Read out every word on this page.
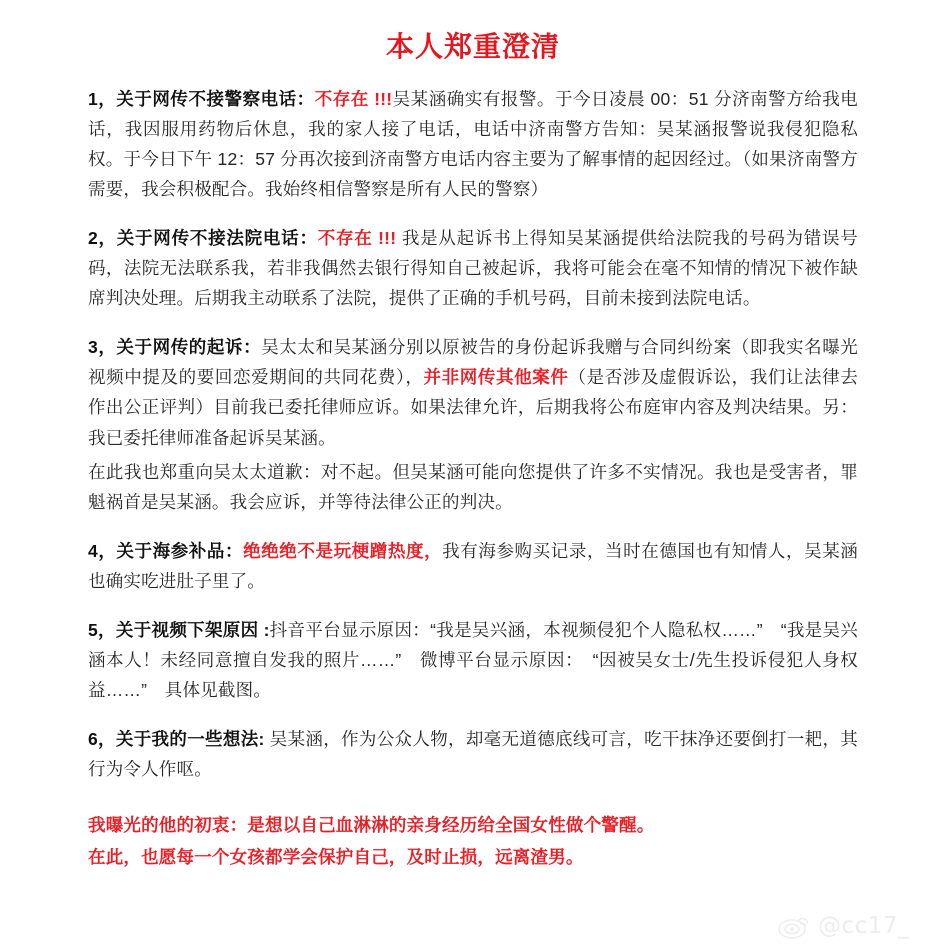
本人郑重澄清

1，关于网传不接警察电话：不存在 !!!吴某涵确实有报警。于今日凌晨 00：51 分济南警方给我电话，我因服用药物后休息，我的家人接了电话，电话中济南警方告知：吴某涵报警说我侵犯隐私权。于今日下午 12：57 分再次接到济南警方电话内容主要为了解事情的起因经过。（如果济南警方需要，我会积极配合。我始终相信警察是所有人民的警察）

2，关于网传不接法院电话：不存在 !!! 我是从起诉书上得知吴某涵提供给法院我的号码为错误号码，法院无法联系我，若非我偶然去银行得知自己被起诉，我将可能会在毫不知情的情况下被作缺席判决处理。后期我主动联系了法院，提供了正确的手机号码，目前未接到法院电话。

3，关于网传的起诉：吴太太和吴某涵分别以原被告的身份起诉我赠与合同纠纷案（即我实名曝光视频中提及的要回恋爱期间的共同花费），并非网传其他案件（是否涉及虚假诉讼，我们让法律去作出公正评判）目前我已委托律师应诉。如果法律允许，后期我将公布庭审内容及判决结果。另：我已委托律师准备起诉吴某涵。

在此我也郑重向吴太太道歉：对不起。但吴某涵可能向您提供了许多不实情况。我也是受害者，罪魁祸首是吴某涵。我会应诉，并等待法律公正的判决。

4，关于海参补品：绝绝绝不是玩梗蹭热度，我有海参购买记录，当时在德国也有知情人，吴某涵也确实吃进肚子里了。

5，关于视频下架原因 :抖音平台显示原因：“我是吴兴涵，本视频侵犯个人隐私权……”　“我是吴兴涵本人！未经同意擅自发我的照片……”　微博平台显示原因：　“因被吴女士/先生投诉侵犯人身权益……”　具体见截图。

6，关于我的一些想法: 吴某涵，作为公众人物，却毫无道德底线可言，吃干抹净还要倒打一耙，其行为令人作呕。

我曝光的他的初衷：是想以自己血淋淋的亲身经历给全国女性做个警醒。
在此，也愿每一个女孩都学会保护自己，及时止损，远离渣男。
@cc17_
